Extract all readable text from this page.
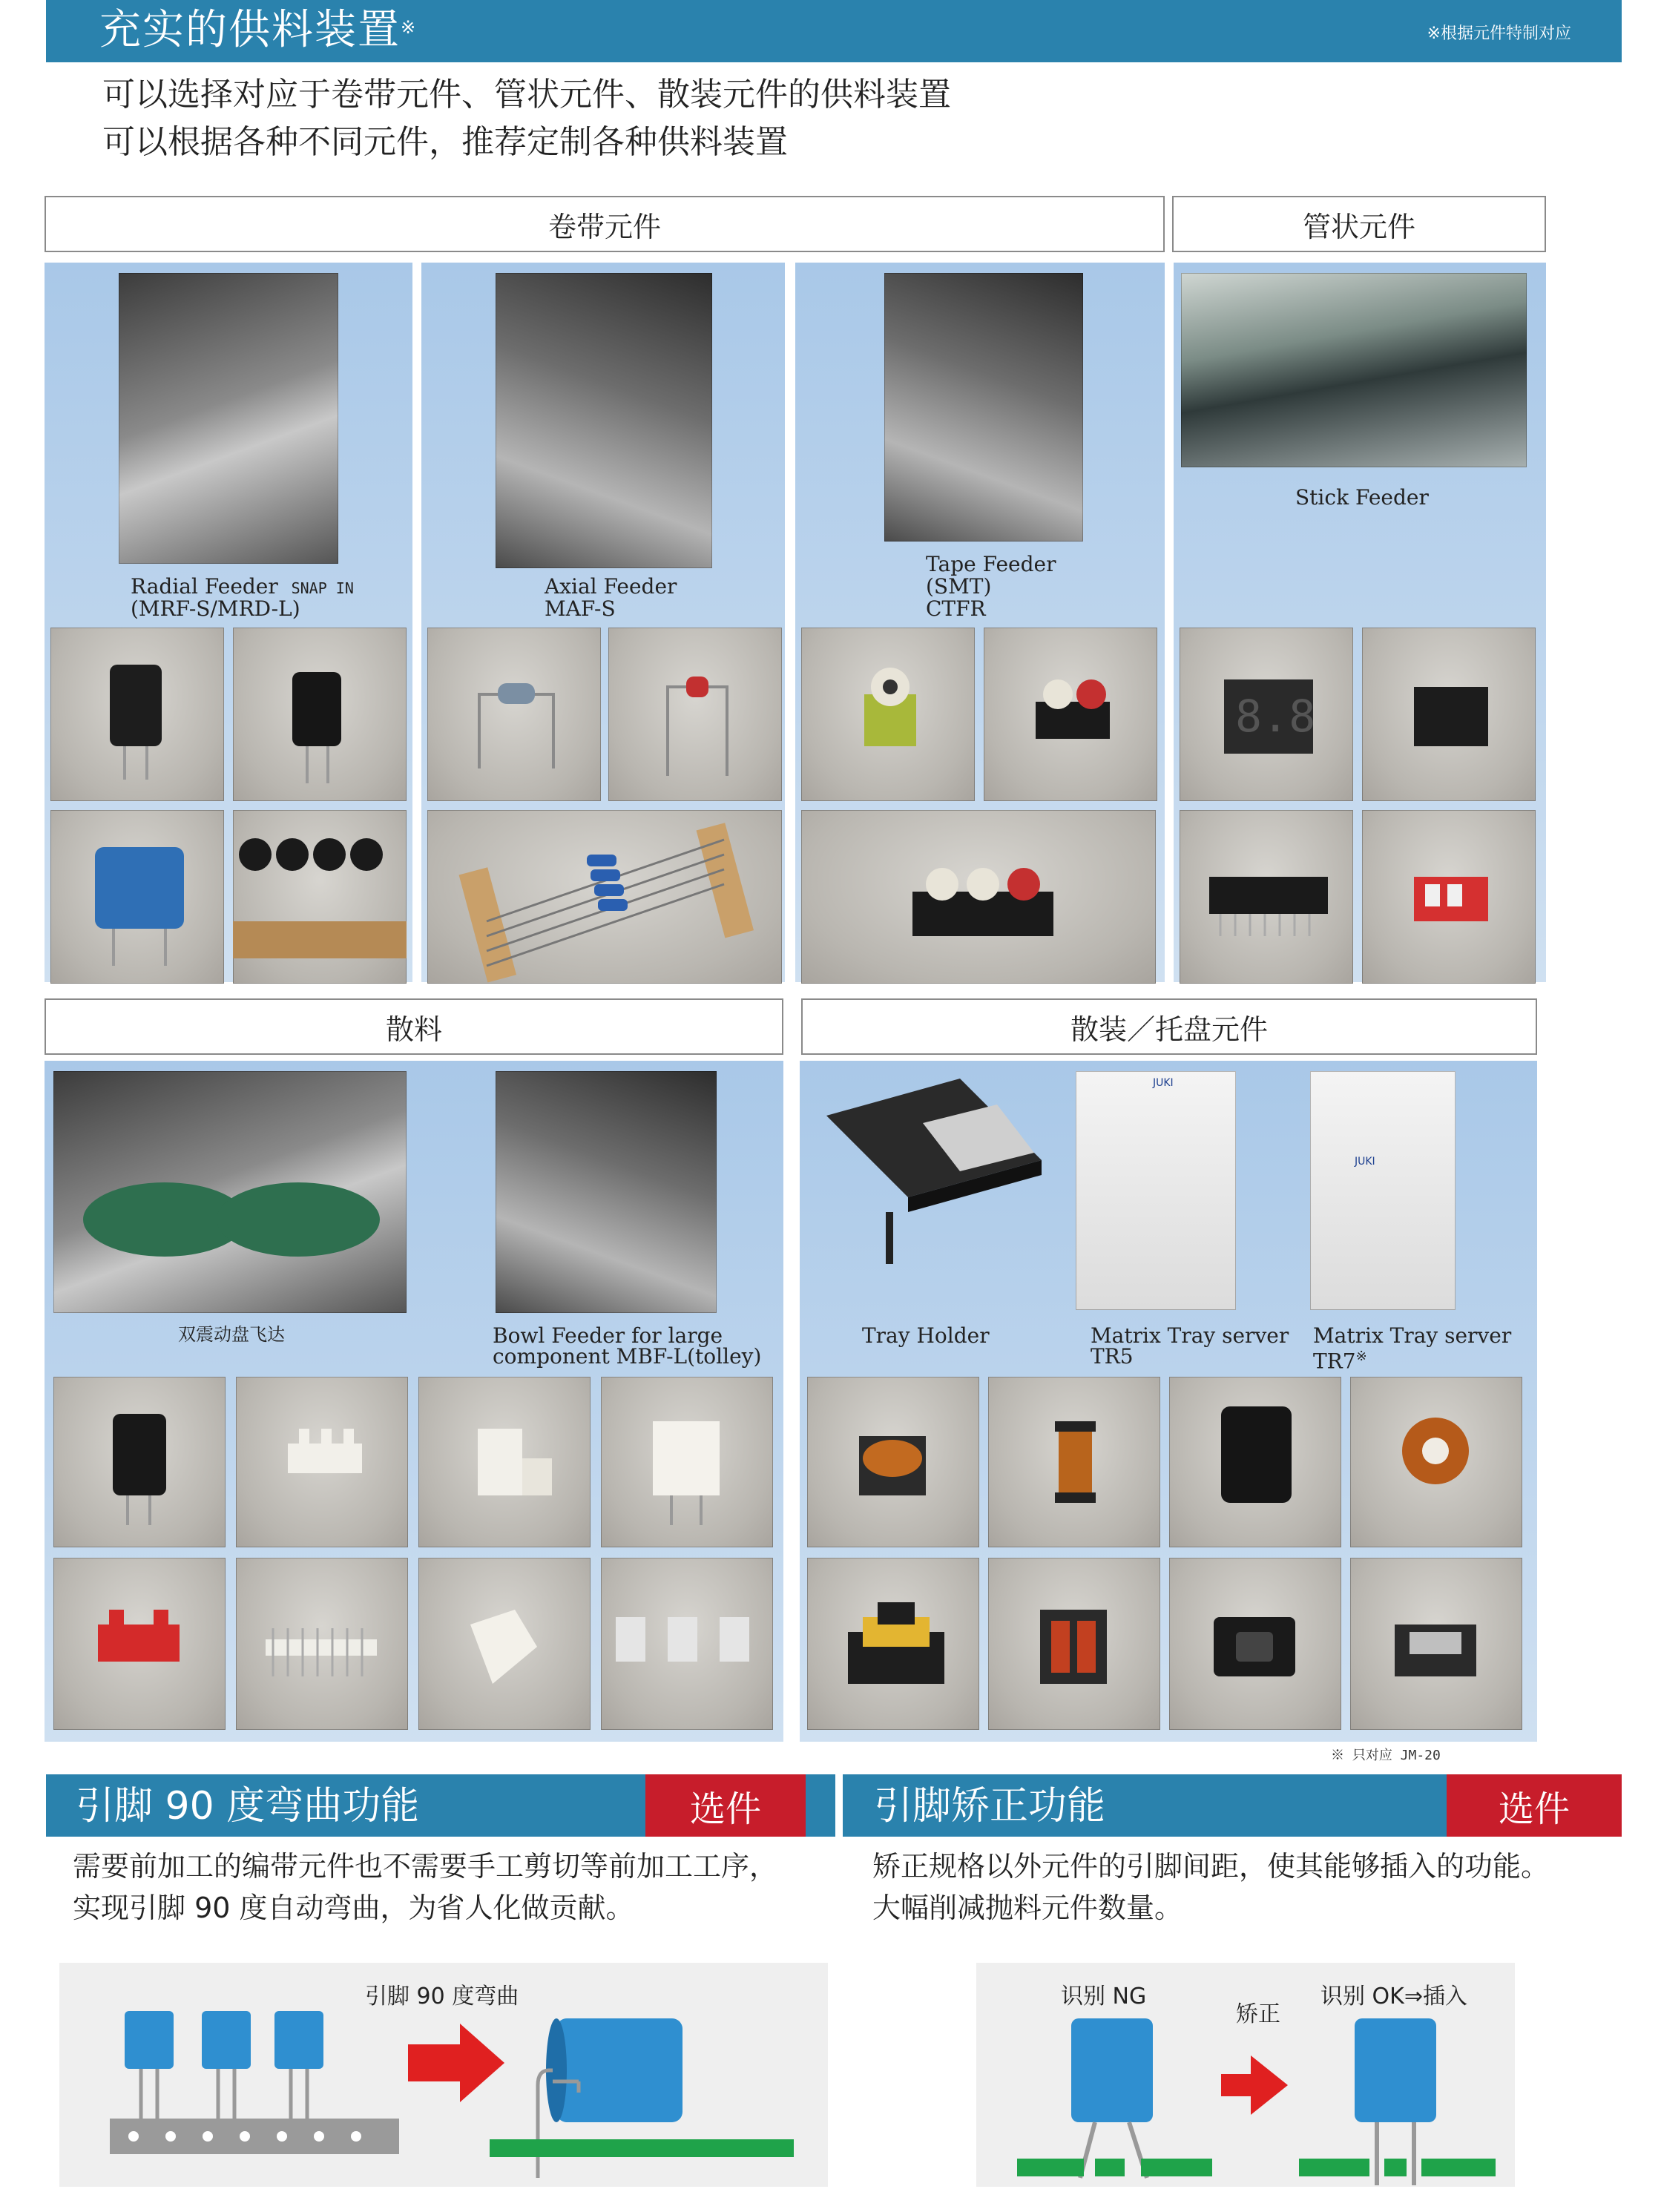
充实的供料装置※	※根据元件特制对应
可以选择对应于卷带元件、管状元件、散装元件的供料装置
可以根据各种不同元件，推荐定制各种供料装置
卷带元件	管状元件
Radial Feeder SNAP IN
(MRF-S/MRD-L)
Axial Feeder
MAF-S
Tape Feeder
(SMT)
CTFR
Stick Feeder
8.8
散料	散装／托盘元件
双震动盘飞达	Bowl Feeder for large
component MBF-L(tolley)
JUKI
JUKI
Tray Holder	Matrix Tray server
TR5
Matrix Tray server
TR7※
※ 只对应 JM-20
引脚 90 度弯曲功能	选件
需要前加工的编带元件也不需要手工剪切等前加工工序，
实现引脚 90 度自动弯曲，为省人化做贡献。
引脚 90 度弯曲
引脚矫正功能	选件
矫正规格以外元件的引脚间距，使其能够插入的功能。
大幅削减抛料元件数量。
识别 NG
矫正
识别 OK⇒插入
